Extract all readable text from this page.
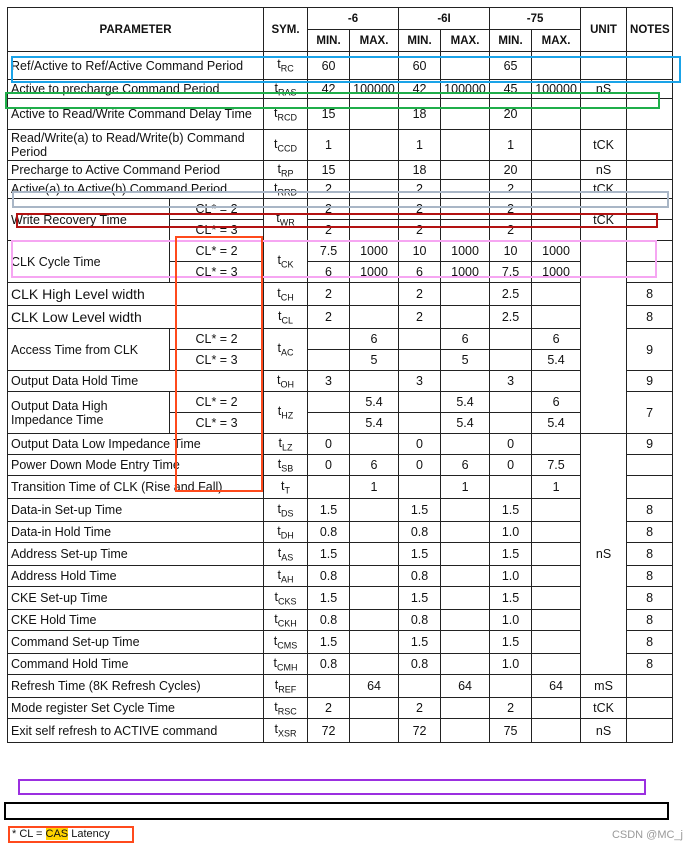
PARAMETER		SYM.	-6		-6I		-75		UNIT	NOTES
			MIN.	MAX.	MIN.	MAX.	MIN.	MAX.		
Ref/Active to Ref/Active Command Period		$t_{RC}$	60		60		65			
Active to precharge Command Period		$t_{RAS}$	42	100000	42	100000	45	100000	nS	
Active to Read/Write Command Delay Time		$t_{RCD}$	15		18		20			
Read/Write(a) to Read/Write(b) Command Period		$t_{CCD}$	1		1		1		tCK	
Precharge to Active Command Period		$t_{RP}$	15		18		20		nS	
Active(a) to Active(b) Command Period		$t_{RRD}$	2		2		2		tCK	
Write Recovery Time	CL* = 2	$t_{WR}$	2		2		2		tCK	
	CL* = 3		2		2		2			
CLK Cycle Time	CL* = 2	$t_{CK}$	7.5	1000	10	1000	10	1000		
	CL* = 3		6	1000	6	1000	7.5	1000		
CLK High Level width		$t_{CH}$	2		2		2.5			8
CLK Low Level width		$t_{CL}$	2		2		2.5			8
Access Time from CLK	CL* = 2	$t_{AC}$		6		6		6		9
	CL* = 3			5		5		5.4		
Output Data Hold Time		$t_{OH}$	3		3		3			9
Output Data High Impedance Time	CL* = 2	$t_{HZ}$		5.4		5.4		6		7
	CL* = 3			5.4		5.4		5.4		
Output Data Low Impedance Time		$t_{LZ}$	0		0		0		nS	9
Power Down Mode Entry Time		$t_{SB}$	0	6	0	6	0	7.5		
Transition Time of CLK (Rise and Fall)		$t_T$		1		1		1		
Data-in Set-up Time		$t_{DS}$	1.5		1.5		1.5			8
Data-in Hold Time		$t_{DH}$	0.8		0.8		1.0			8
Address Set-up Time		$t_{AS}$	1.5		1.5		1.5			8
Address Hold Time		$t_{AH}$	0.8		0.8		1.0			8
CKE Set-up Time		$t_{CKS}$	1.5		1.5		1.5			8
CKE Hold Time		$t_{CKH}$	0.8		0.8		1.0			8
Command Set-up Time		$t_{CMS}$	1.5		1.5		1.5			8
Command Hold Time		$t_{CMH}$	0.8		0.8		1.0			8
Refresh Time (8K Refresh Cycles)		$t_{REF}$		64		64		64	mS	
Mode register Set Cycle Time		$t_{RSC}$	2		2		2		tCK	
Exit self refresh to ACTIVE command		$t_{XSR}$	72		72		75		nS	
* CL = CAS Latency	CSDN @MC_j
